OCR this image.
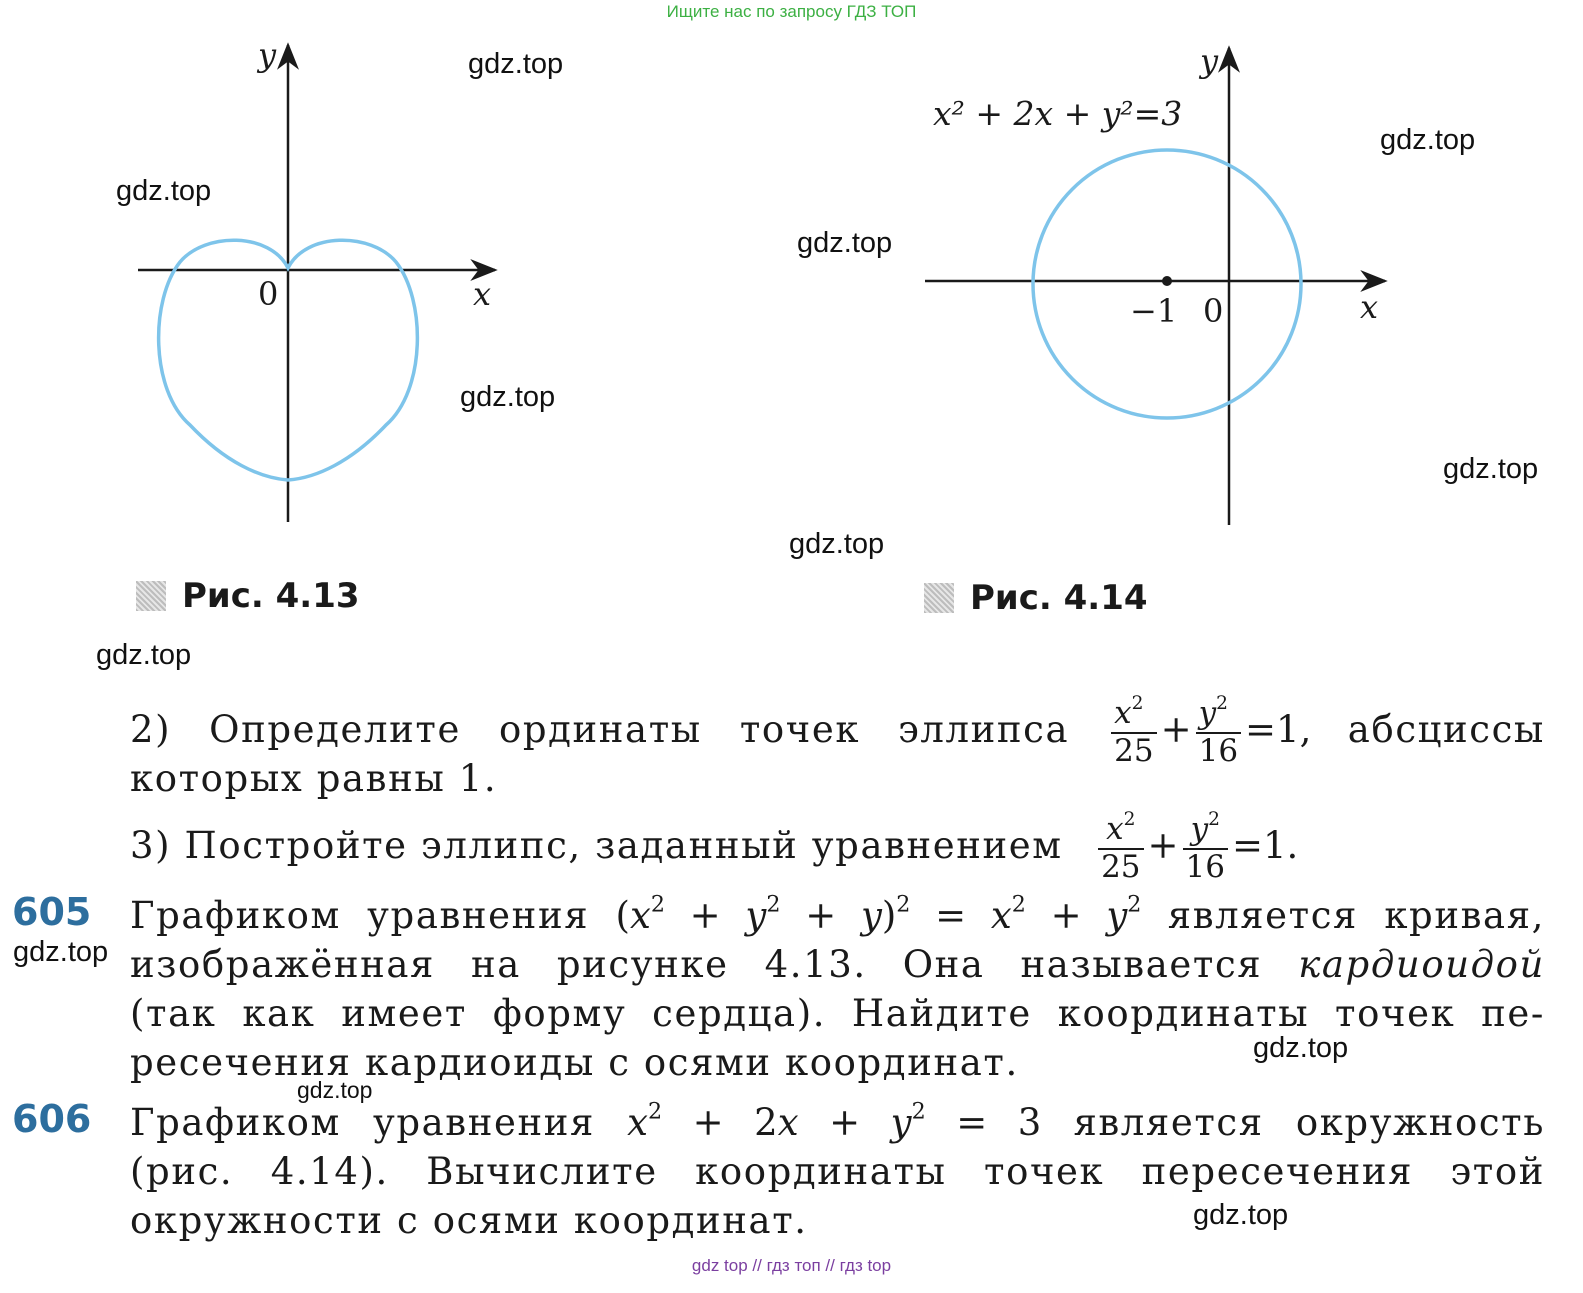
Ищите нас по запросу ГДЗ ТОП
gdz top // гдз топ // гдз top
y
x
0
y
x
−1 0
x² + 2x + y²=3
Рис. 4.13	Рис. 4.14
gdz.top
gdz.top
gdz.top
gdz.top
gdz.top
gdz.top
gdz.top
gdz.top
gdz.top
gdz.top
gdz.top
gdz.top
2) Определите ординаты точек эллипса $\frac{x^2}{25} + \frac{y^2}{16} =1$, абсциссы
которых равны 1.
3) Постройте эллипс, заданный уравнением $\frac{x^2}{25} + \frac{y^2}{16} =1$.
605 Графиком уравнения $(x^2 + y^2 + y)^2 = x^2 + y^2$ является кривая,
изображённая на рисунке 4.13. Она называется кардиоидой
(так как имеет форму сердца). Найдите координаты точек пе-
ресечения кардиоиды с осями координат.
606 Графиком уравнения $x^2 + 2x + y^2 = 3$ является окружность
(рис. 4.14). Вычислите координаты точек пересечения этой
окружности с осями координат.
